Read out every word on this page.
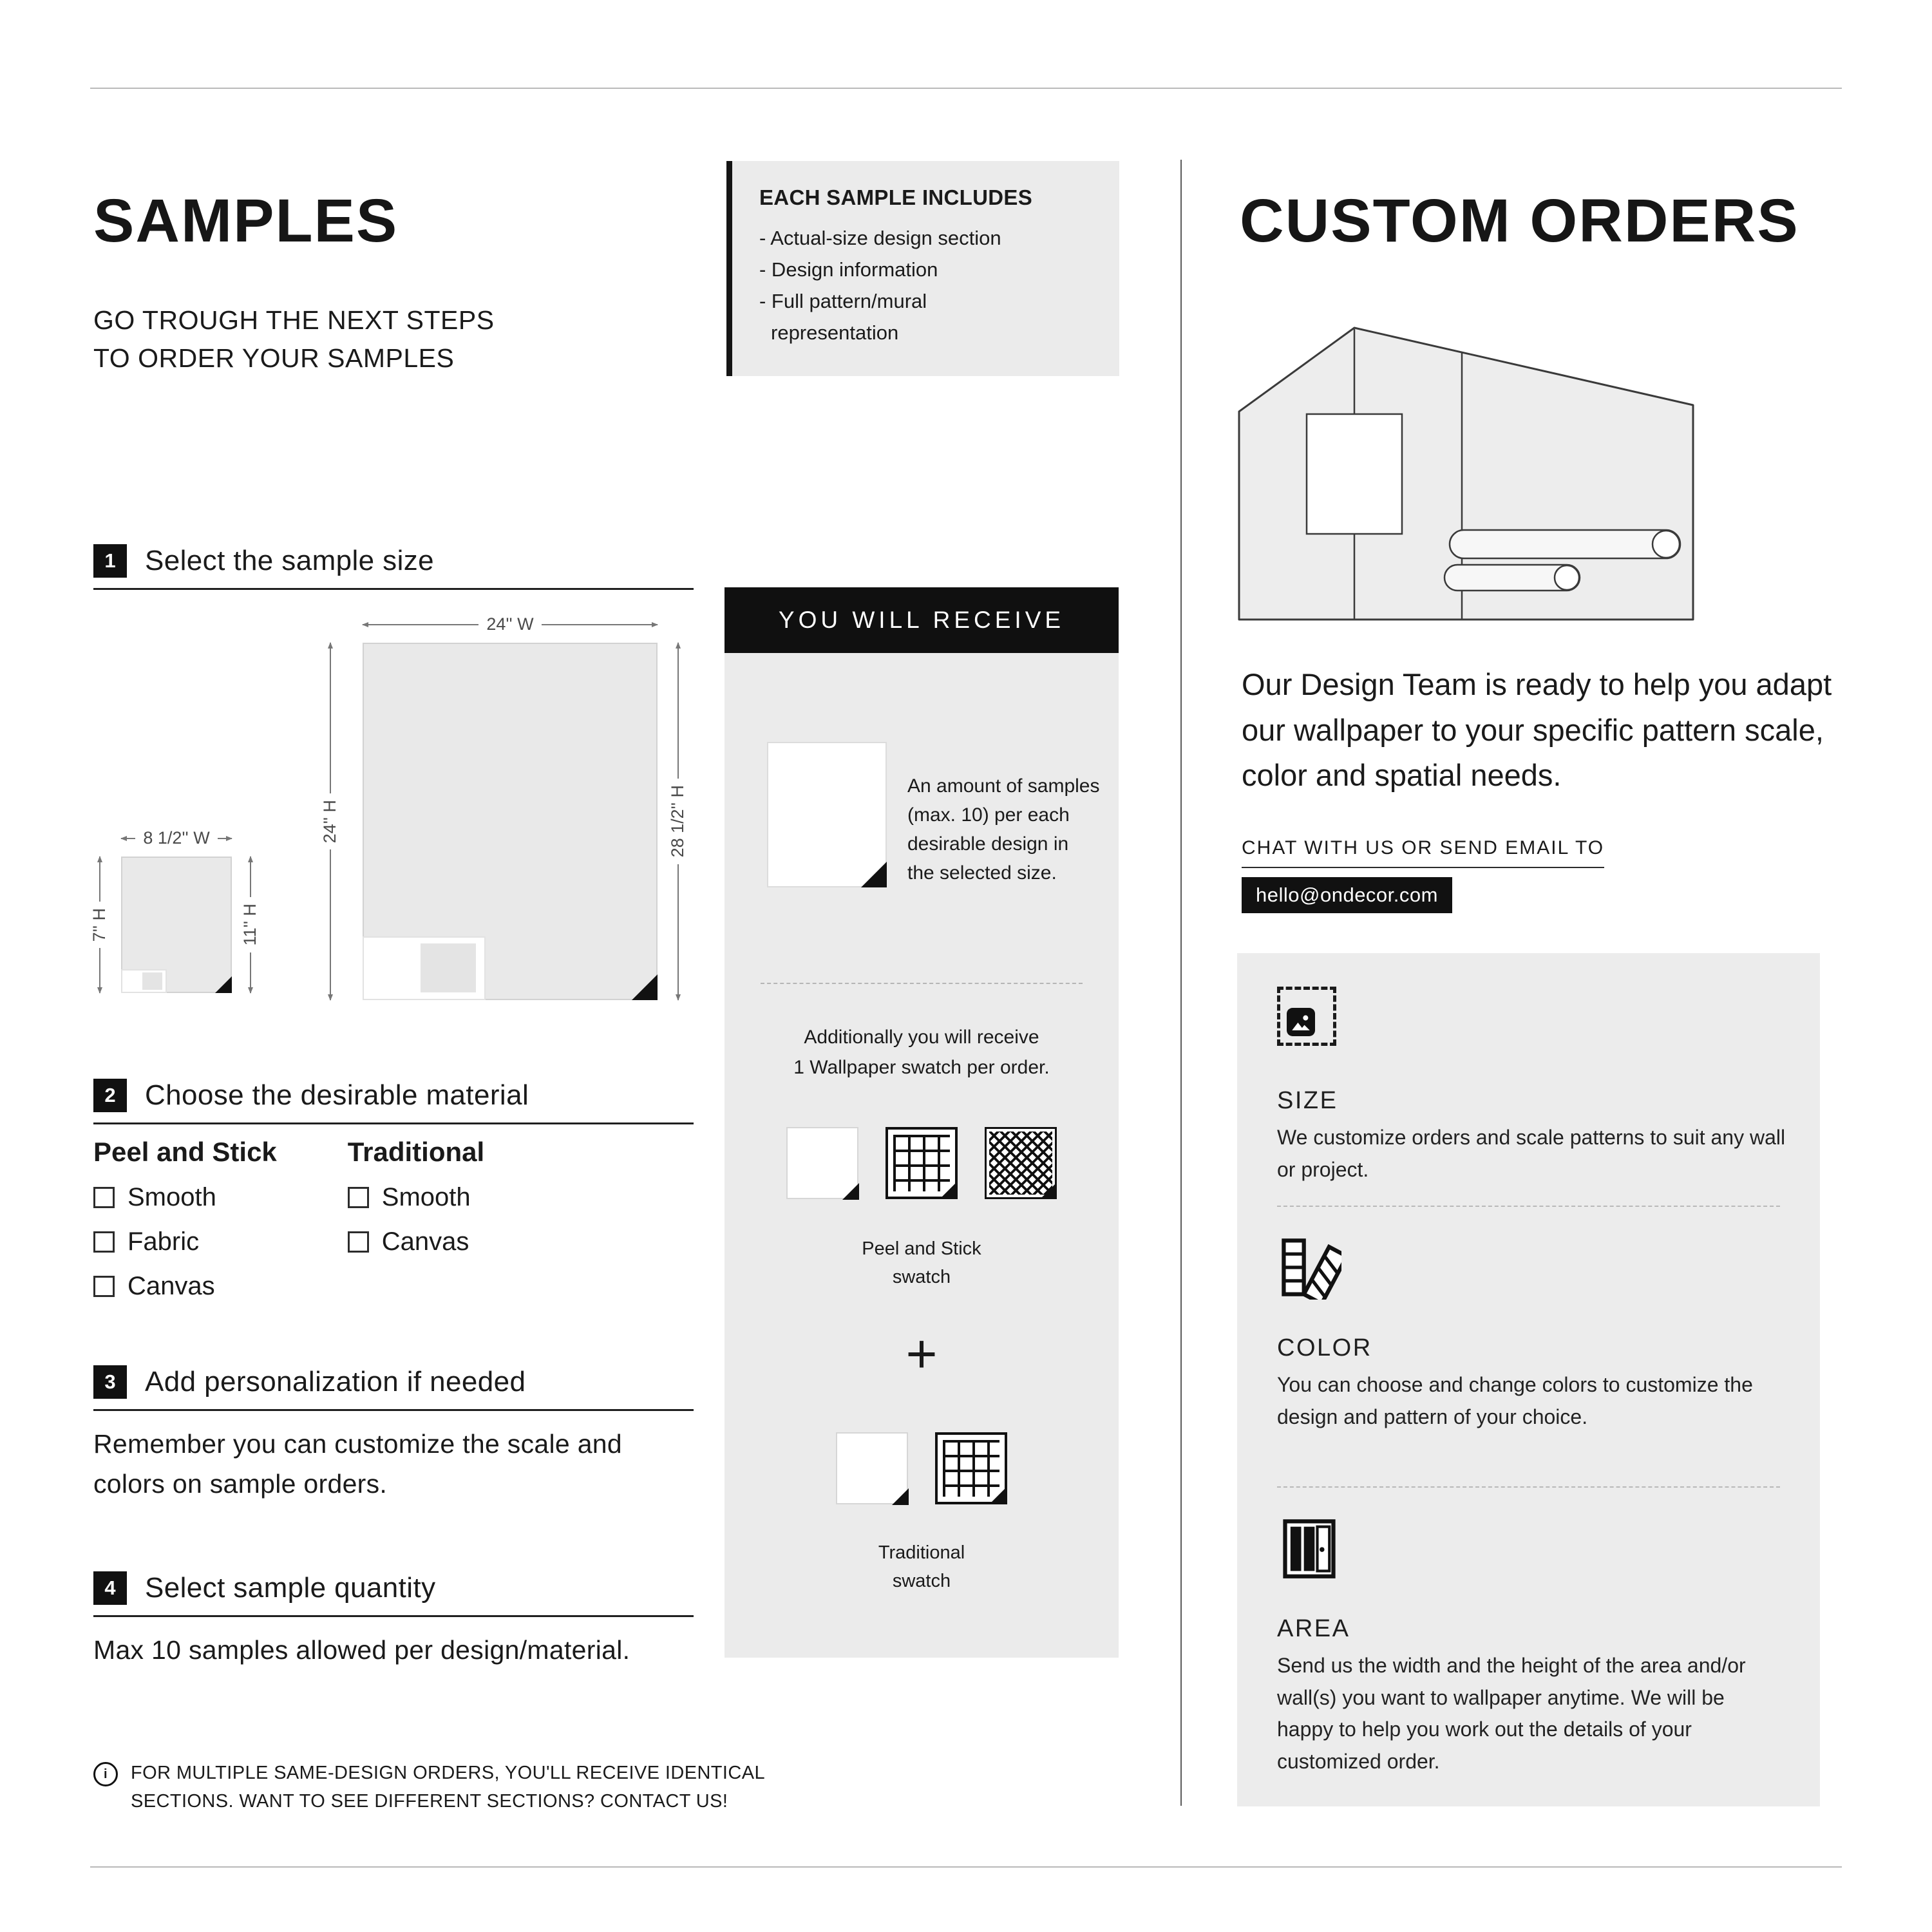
SAMPLES
GO TROUGH THE NEXT STEPS
TO ORDER YOUR SAMPLES
EACH SAMPLE INCLUDES
- Actual-size design section
- Design information
- Full pattern/mural
representation
1	Select the sample size
24'' W
24'' H	28 1/2'' H
8 1/2'' W
7'' H	11'' H
2	Choose the desirable material
Peel and Stick
Smooth
Fabric
Canvas
Traditional
Smooth
Canvas
3	Add personalization if needed
Remember you can customize the scale and colors on sample orders.
4	Select sample quantity
Max 10 samples allowed per design/material.
i	FOR MULTIPLE SAME-DESIGN ORDERS, YOU'LL RECEIVE IDENTICAL SECTIONS. WANT TO SEE DIFFERENT SECTIONS? CONTACT US!
YOU WILL RECEIVE
An amount of samples (max. 10) per each desirable design in the selected size.
Additionally you will receive
1 Wallpaper swatch per order.
Peel and Stick
swatch
+
Traditional
swatch
CUSTOM ORDERS
Our Design Team is ready to help you adapt our wallpaper to your specific pattern scale, color and spatial needs.
CHAT WITH US OR SEND EMAIL TO
hello@ondecor.com
SIZE
We customize orders and scale patterns to suit any wall or project.
COLOR
You can choose and change colors to customize the design and pattern of your choice.
AREA
Send us the width and the height of the area and/or wall(s) you want to wallpaper anytime. We will be happy to help you work out the details of your customized order.
